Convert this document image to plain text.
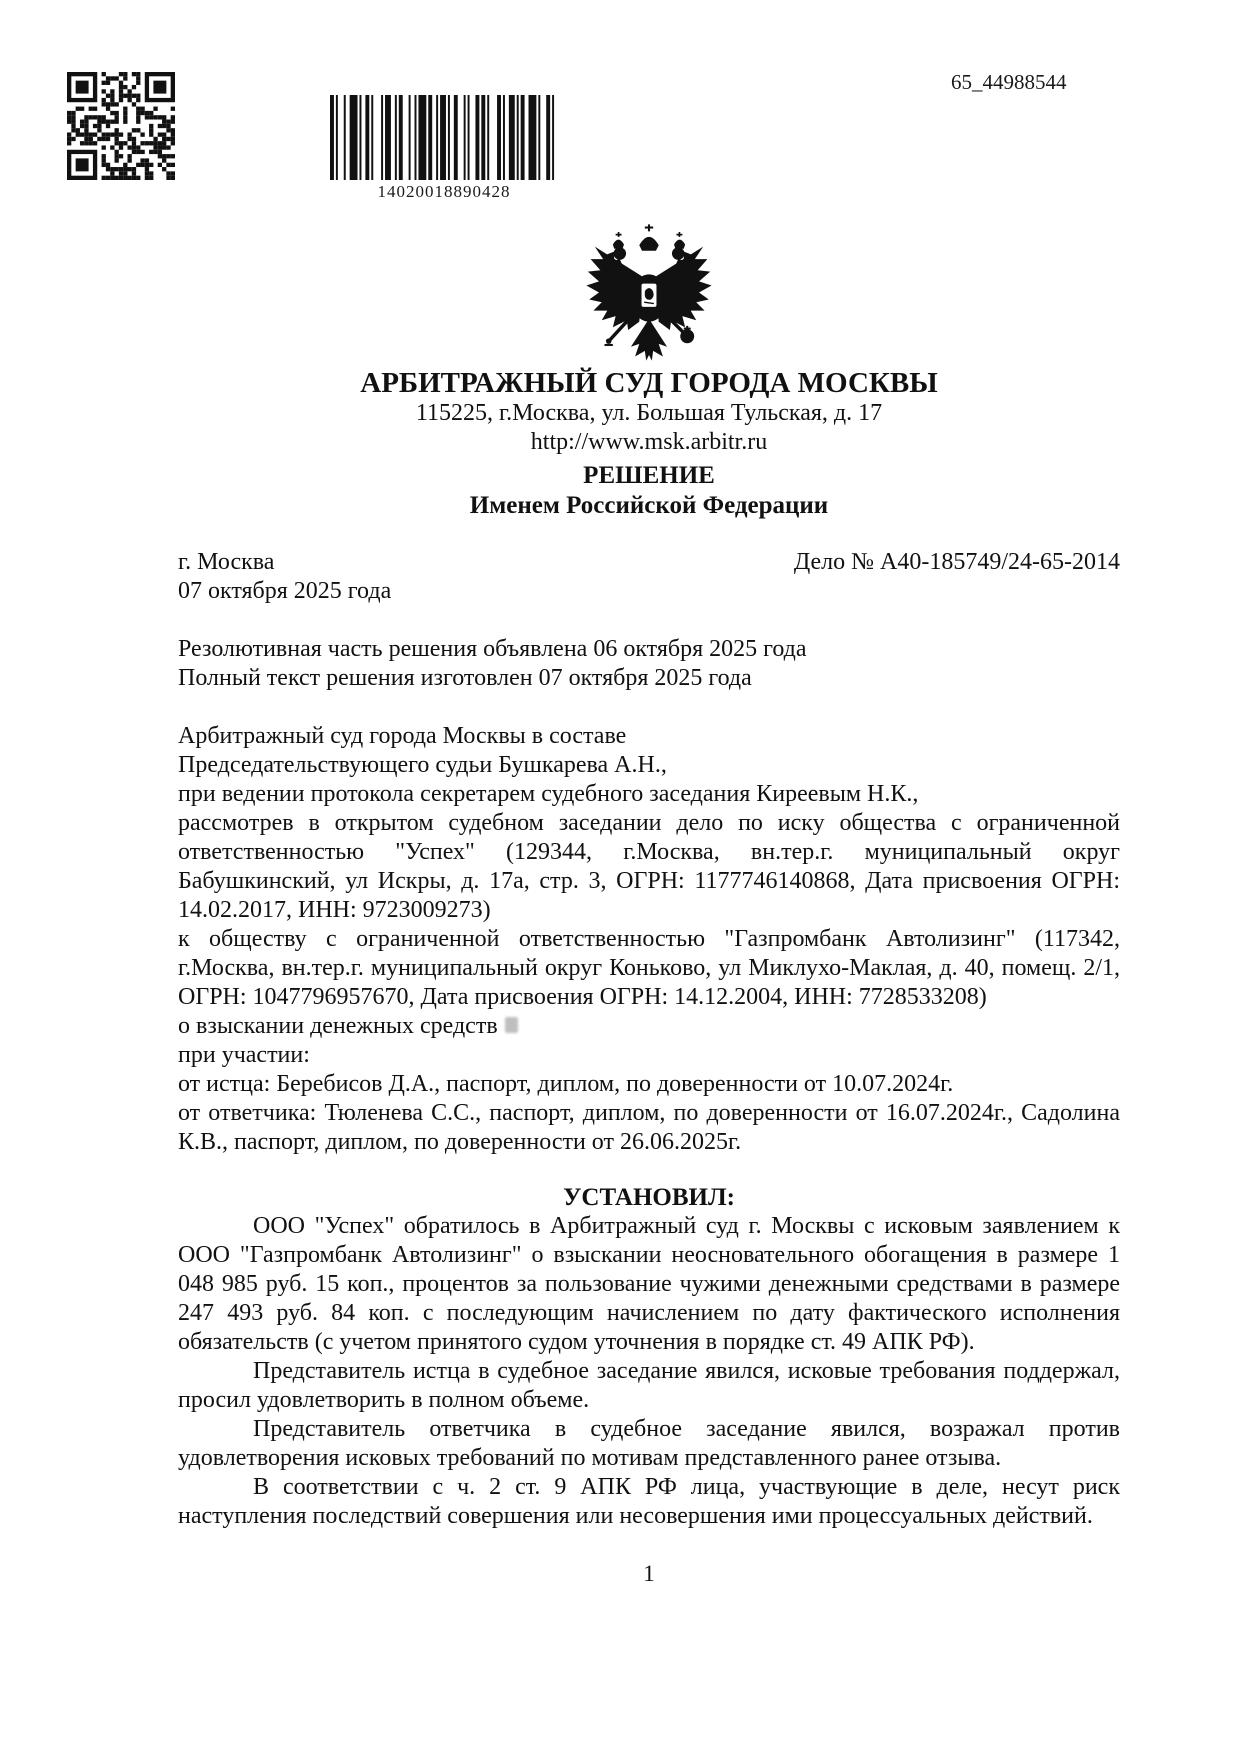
14020018890428
65_44988544
АРБИТРАЖНЫЙ СУД ГОРОДА МОСКВЫ
115225, г.Москва, ул. Большая Тульская, д. 17
http://www.msk.arbitr.ru
РЕШЕНИЕ
Именем Российской Федерации
г. Москва	Дело № А40-185749/24-65-2014
07 октября 2025 года
Резолютивная часть решения объявлена 06 октября 2025 года
Полный текст решения изготовлен 07 октября 2025 года
Арбитражный суд города Москвы в составе
Председательствующего судьи Бушкарева А.Н.,
при ведении протокола секретарем судебного заседания Киреевым Н.К.,

рассмотрев в открытом судебном заседании дело по иску общества с ограниченной ответственностью "Успех" (129344, г.Москва, вн.тер.г. муниципальный округ Бабушкинский, ул Искры, д. 17а, стр. 3, ОГРН: 1177746140868, Дата присвоения ОГРН: 14.02.2017, ИНН: 9723009273)

к обществу с ограниченной ответственностью "Газпромбанк Автолизинг" (117342, г.Москва, вн.тер.г. муниципальный округ Коньково, ул Миклухо-Маклая, д. 40, помещ. 2/1, ОГРН: 1047796957670, Дата присвоения ОГРН: 14.12.2004, ИНН: 7728533208)

о взыскании денежных средств
при участии:
от истца: Беребисов Д.А., паспорт, диплом, по доверенности от 10.07.2024г.

от ответчика: Тюленева С.С., паспорт, диплом, по доверенности от 16.07.2024г., Садолина К.В., паспорт, диплом, по доверенности от 26.06.2025г.

УСТАНОВИЛ:

ООО "Успех" обратилось в Арбитражный суд г. Москвы с исковым заявлением к ООО "Газпромбанк Автолизинг" о взыскании неосновательного обогащения в размере 1 048 985 руб. 15 коп., процентов за пользование чужими денежными средствами в размере 247 493 руб. 84 коп. с последующим начислением по дату фактического исполнения обязательств (с учетом принятого судом уточнения в порядке ст. 49 АПК РФ).

Представитель истца в судебное заседание явился, исковые требования поддержал, просил удовлетворить в полном объеме.

Представитель ответчика в судебное заседание явился, возражал против удовлетворения исковых требований по мотивам представленного ранее отзыва.

В соответствии с ч. 2 ст. 9 АПК РФ лица, участвующие в деле, несут риск наступления последствий совершения или несовершения ими процессуальных действий.

1
